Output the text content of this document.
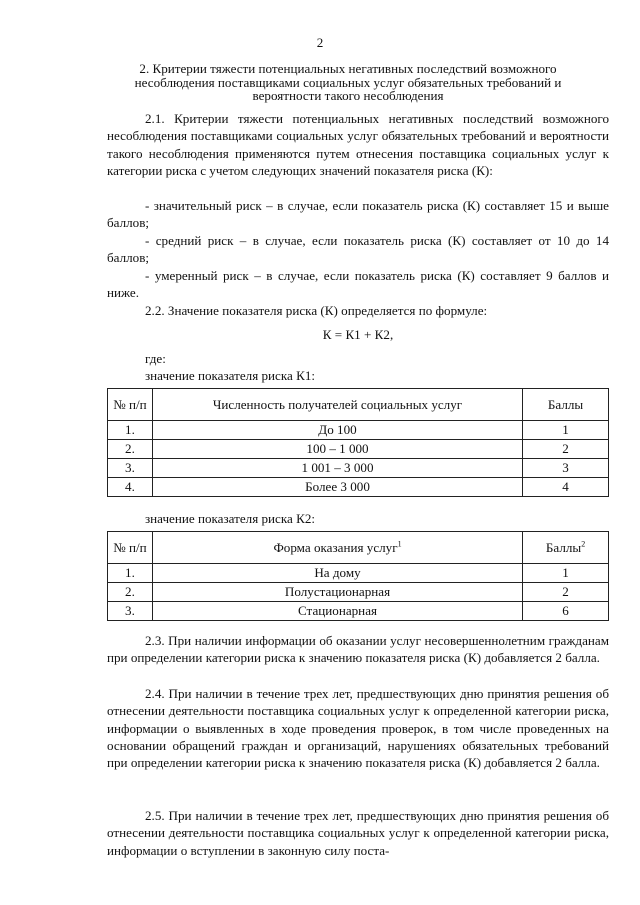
2
2. Критерии тяжести потенциальных негативных последствий возможного несоблюдения поставщиками социальных услуг обязательных требований и вероятности такого несоблюдения
2.1. Критерии тяжести потенциальных негативных последствий возможного несоблюдения поставщиками социальных услуг обязательных требований и вероятности такого несоблюдения применяются путем отнесения поставщика социальных услуг к категории риска с учетом следующих значений показателя риска (К):
- значительный риск – в случае, если показатель риска (К) составляет 15 и выше баллов;
- средний риск – в случае, если показатель риска (К) составляет от 10 до 14 баллов;
- умеренный риск – в случае, если показатель риска (К) составляет 9 баллов и ниже.
2.2. Значение показателя риска (К) определяется по формуле:
К = К1 + К2,
где:
значение показателя риска К1:
№ п/п	Численность получателей социальных услуг	Баллы
1.	До 100	1
2.	100 – 1 000	2
3.	1 001 – 3 000	3
4.	Более 3 000	4
значение показателя риска К2:
№ п/п	Форма оказания услуг$^1$	Баллы$^2$
1.	На дому	1
2.	Полустационарная	2
3.	Стационарная	6
2.3. При наличии информации об оказании услуг несовершеннолетним гражданам при определении категории риска к значению показателя риска (К) добавляется 2 балла.
2.4. При наличии в течение трех лет, предшествующих дню принятия решения об отнесении деятельности поставщика социальных услуг к определенной категории риска, информации о выявленных в ходе проведения проверок, в том числе проведенных на основании обращений граждан и организаций, нарушениях обязательных требований при определении категории риска к значению показателя риска (К) добавляется 2 балла.
2.5. При наличии в течение трех лет, предшествующих дню принятия решения об отнесении деятельности поставщика социальных услуг к определенной категории риска, информации о вступлении в законную силу поста-
